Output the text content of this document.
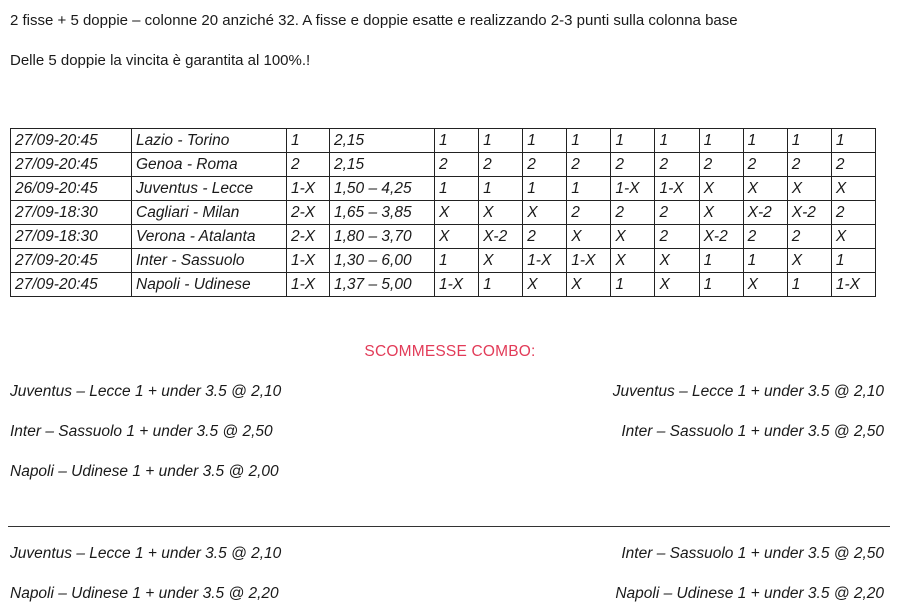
2 fisse + 5 doppie – colonne 20 anziché 32. A fisse e doppie esatte e realizzando 2-3 punti sulla colonna base
Delle 5 doppie la vincita è garantita al 100%.!
27/09-20:45	Lazio - Torino	1	2,15	1	1	1	1	1	1	1	1	1	1
27/09-20:45	Genoa - Roma	2	2,15	2	2	2	2	2	2	2	2	2	2
26/09-20:45	Juventus - Lecce	1-X	1,50 – 4,25	1	1	1	1	1-X	1-X	X	X	X	X
27/09-18:30	Cagliari - Milan	2-X	1,65 – 3,85	X	X	X	2	2	2	X	X-2	X-2	2
27/09-18:30	Verona - Atalanta	2-X	1,80 – 3,70	X	X-2	2	X	X	2	X-2	2	2	X
27/09-20:45	Inter - Sassuolo	1-X	1,30 – 6,00	1	X	1-X	1-X	X	X	1	1	X	1
27/09-20:45	Napoli - Udinese	1-X	1,37 – 5,00	1-X	1	X	X	1	X	1	X	1	1-X
SCOMMESSE COMBO:
Juventus – Lecce 1 + under 3.5 @ 2,10	Juventus – Lecce 1 + under 3.5 @ 2,10
Inter – Sassuolo 1 + under 3.5 @ 2,50	Inter – Sassuolo 1 + under 3.5 @ 2,50
Napoli – Udinese 1 + under 3.5 @ 2,00
Juventus – Lecce 1 + under 3.5 @ 2,10	Inter – Sassuolo 1 + under 3.5 @ 2,50
Napoli – Udinese 1 + under 3.5 @ 2,20	Napoli – Udinese 1 + under 3.5 @ 2,20
